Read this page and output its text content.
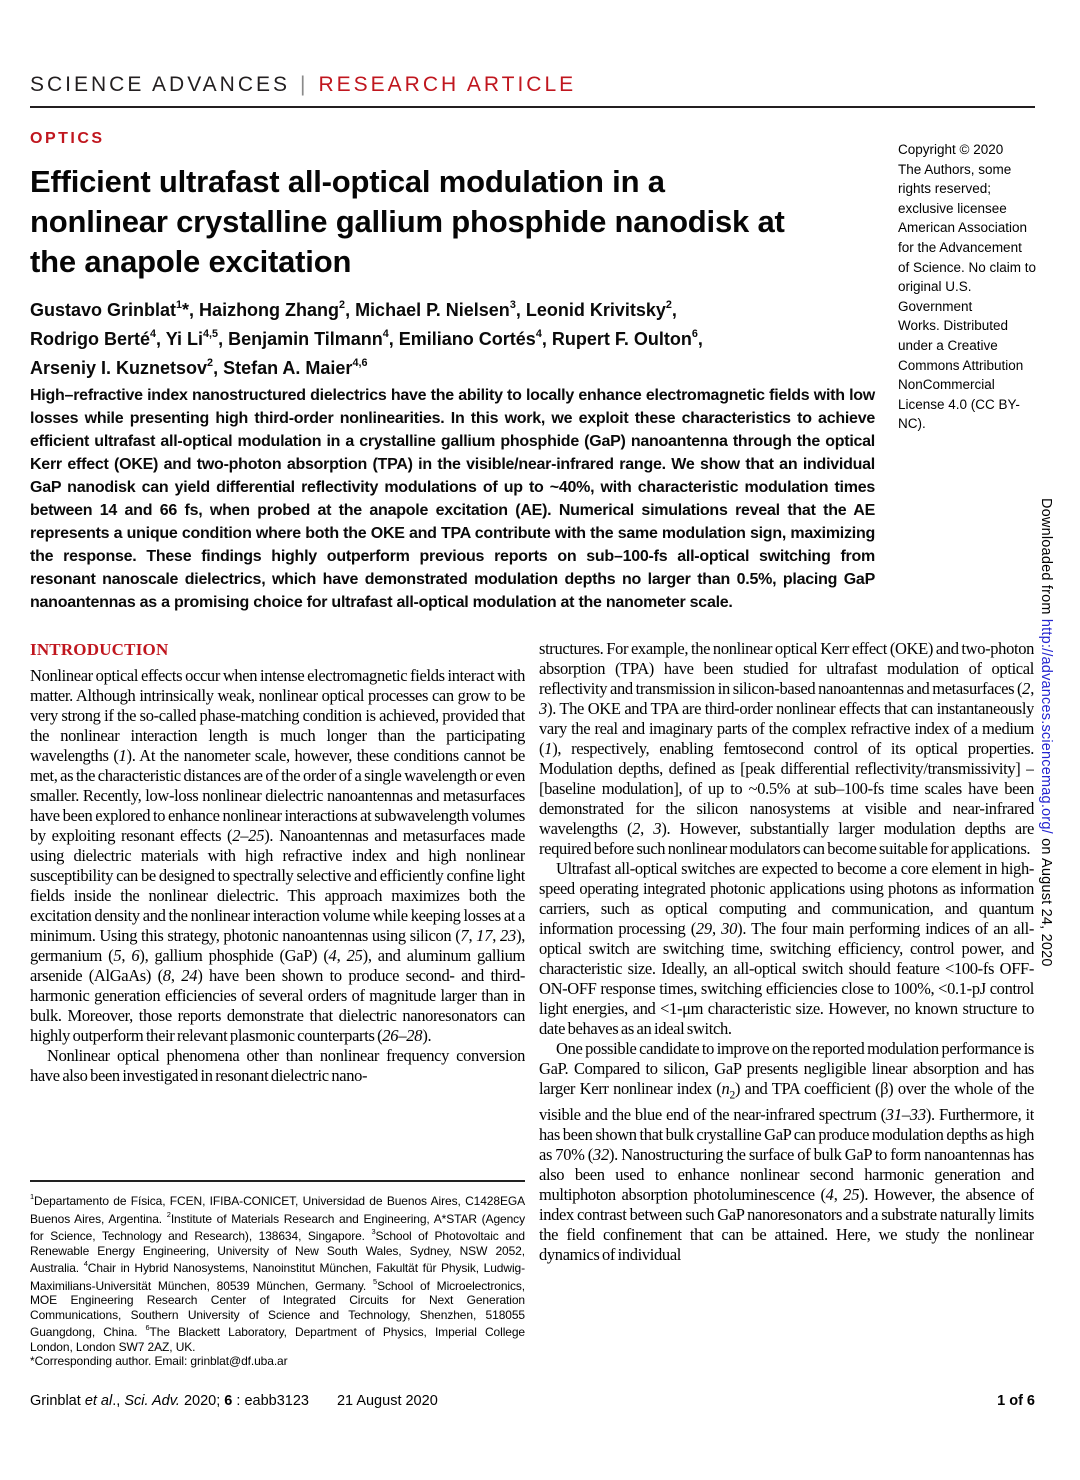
SCIENCE ADVANCES | RESEARCH ARTICLE
OPTICS
Efficient ultrafast all-optical modulation in a
nonlinear crystalline gallium phosphide nanodisk at
the anapole excitation
Gustavo Grinblat$^1$*, Haizhong Zhang$^2$, Michael P. Nielsen$^3$, Leonid Krivitsky$^2$,
Rodrigo Berté$^4$, Yi Li$^{4,5}$, Benjamin Tilmann$^4$, Emiliano Cortés$^4$, Rupert F. Oulton$^6$,
Arseniy I. Kuznetsov$^2$, Stefan A. Maier$^{4,6}$

High–refractive index nanostructured dielectrics have the ability to locally enhance electromagnetic fields with low losses while presenting high third-order nonlinearities. In this work, we exploit these characteristics to achieve efficient ultrafast all-optical modulation in a crystalline gallium phosphide (GaP) nanoantenna through the optical Kerr effect (OKE) and two-photon absorption (TPA) in the visible/near-infrared range. We show that an individual GaP nanodisk can yield differential reflectivity modulations of up to ~40%, with characteristic modulation times between 14 and 66 fs, when probed at the anapole excitation (AE). Numerical simulations reveal that the AE represents a unique condition where both the OKE and TPA contribute with the same modulation sign, maximizing the response. These findings highly outperform previous reports on sub–100-fs all-optical switching from resonant nanoscale dielectrics, which have demonstrated modulation depths no larger than 0.5%, placing GaP nanoantennas as a promising choice for ultrafast all-optical modulation at the nanometer scale.

Copyright © 2020
The Authors, some
rights reserved;
exclusive licensee
American Association
for the Advancement
of Science. No claim to
original U.S. Government
Works. Distributed
under a Creative
Commons Attribution
NonCommercial
License 4.0 (CC BY-NC).
INTRODUCTION

Nonlinear optical effects occur when intense electromagnetic fields interact with matter. Although intrinsically weak, nonlinear optical processes can grow to be very strong if the so-called phase-matching condition is achieved, provided that the nonlinear interaction length is much longer than the participating wavelengths (1). At the nanometer scale, however, these conditions cannot be met, as the characteristic distances are of the order of a single wavelength or even smaller. Recently, low-loss nonlinear dielectric nanoantennas and metasurfaces have been explored to enhance nonlinear interactions at subwavelength volumes by exploiting resonant effects (2–25). Nanoantennas and metasurfaces made using dielectric materials with high refractive index and high nonlinear susceptibility can be designed to spectrally selective and efficiently confine light fields inside the nonlinear dielectric. This approach maximizes both the excitation density and the nonlinear interaction volume while keeping losses at a minimum. Using this strategy, photonic nanoantennas using silicon (7, 17, 23), germanium (5, 6), gallium phosphide (GaP) (4, 25), and aluminum gallium arsenide (AlGaAs) (8, 24) have been shown to produce second- and third-harmonic generation efficiencies of several orders of magnitude larger than in bulk. Moreover, those reports demonstrate that dielectric nanoresonators can highly outperform their relevant plasmonic counterparts (26–28).

Nonlinear optical phenomena other than nonlinear frequency conversion have also been investigated in resonant dielectric nano-

structures. For example, the nonlinear optical Kerr effect (OKE) and two-photon absorption (TPA) have been studied for ultrafast modulation of optical reflectivity and transmission in silicon-based nanoantennas and metasurfaces (2, 3). The OKE and TPA are third-order nonlinear effects that can instantaneously vary the real and imaginary parts of the complex refractive index of a medium (1), respectively, enabling femtosecond control of its optical properties. Modulation depths, defined as [peak differential reflectivity/transmissivity] – [baseline modulation], of up to ~0.5% at sub–100-fs time scales have been demonstrated for the silicon nanosystems at visible and near-infrared wavelengths (2, 3). However, substantially larger modulation depths are required before such nonlinear modulators can become suitable for applications.

Ultrafast all-optical switches are expected to become a core element in high-speed operating integrated photonic applications using photons as information carriers, such as optical computing and communication, and quantum information processing (29, 30). The four main performing indices of an all-optical switch are switching time, switching efficiency, control power, and characteristic size. Ideally, an all-optical switch should feature <100-fs OFF-ON-OFF response times, switching efficiencies close to 100%, <0.1-pJ control light energies, and <1-μm characteristic size. However, no known structure to date behaves as an ideal switch.

One possible candidate to improve on the reported modulation performance is GaP. Compared to silicon, GaP presents negligible linear absorption and has larger Kerr nonlinear index $(n_2)$ and TPA coefficient (β) over the whole of the visible and the blue end of the near-infrared spectrum (31–33). Furthermore, it has been shown that bulk crystalline GaP can produce modulation depths as high as 70% (32). Nanostructuring the surface of bulk GaP to form nanoantennas has also been used to enhance nonlinear second harmonic generation and multiphoton absorption photoluminescence (4, 25). However, the absence of index contrast between such GaP nanoresonators and a substrate naturally limits the field confinement that can be attained. Here, we study the nonlinear dynamics of individual

$^1$Departamento de Física, FCEN, IFIBA-CONICET, Universidad de Buenos Aires, C1428EGA Buenos Aires, Argentina. $^2$Institute of Materials Research and Engineering, A*STAR (Agency for Science, Technology and Research), 138634, Singapore. $^3$School of Photovoltaic and Renewable Energy Engineering, University of New South Wales, Sydney, NSW 2052, Australia. $^4$Chair in Hybrid Nanosystems, Nanoinstitut München, Fakultät für Physik, Ludwig-Maximilians-Universität München, 80539 München, Germany. $^5$School of Microelectronics, MOE Engineering Research Center of Integrated Circuits for Next Generation Communications, Southern University of Science and Technology, Shenzhen, 518055 Guangdong, China. $^6$The Blackett Laboratory, Department of Physics, Imperial College London, London SW7 2AZ, UK.
*Corresponding author. Email: grinblat@df.uba.ar
Downloaded from http://advances.sciencemag.org/ on August 24, 2020
Grinblat et al., Sci. Adv. 2020; 6 : eabb3123 21 August 2020	1 of 6
